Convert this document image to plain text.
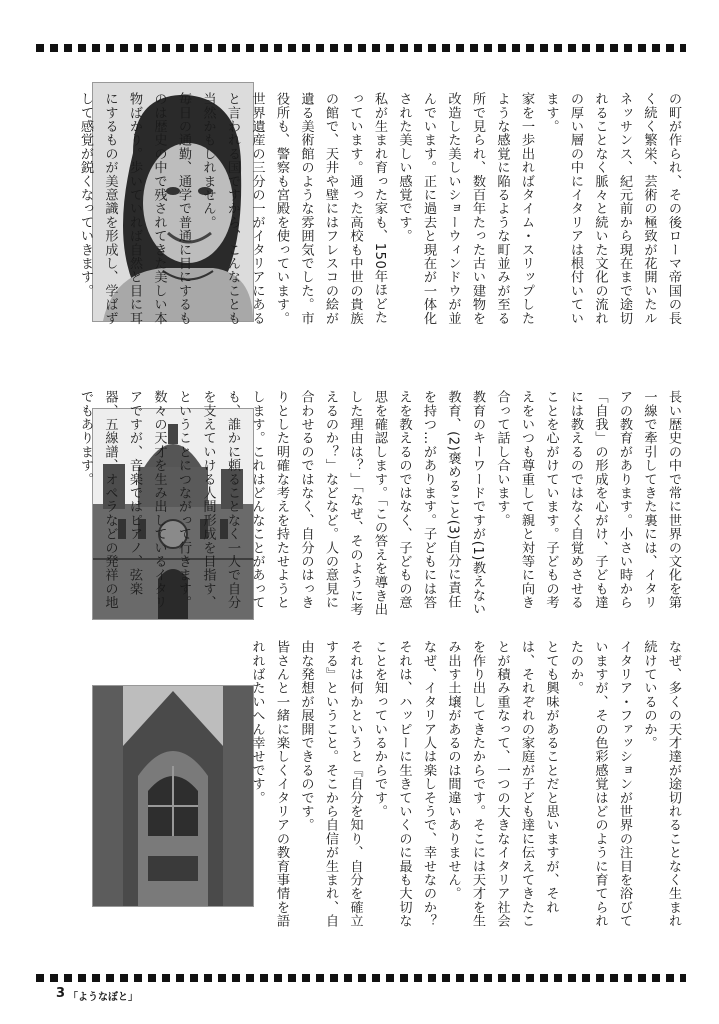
の町が作られ、その後ローマ帝国の長く続く繁栄、芸術の極致が花開いたルネッサンス、紀元前から現在まで途切れることなく脈々と続いた文化の流れの厚い層の中にイタリアは根付いています。

家を一歩出ればタイム・スリップしたような感覚に陥るような町並みが至る所で見られ、数百年たった古い建物を改造した美しいショーウィンドウが並んでいます。正に過去と現在が一体化された美しい感覚です。

私が生まれ育った家も、150年ほどたっています。通った高校も中世の貴族の館で、天井や壁にはフレスコの絵が遺る美術館のような雰囲気でした。市役所も、警察も宮殿を使っています。世界遺産の三分の一がイタリアにあると言われる国ですから、こんなことも当然かもしれません。

毎日の通勤、通学で普通に目にするものは歴史の中で残されてきた美しい本物ばかり。歩いていれば自然と目に耳にするものが美意識を形成し、学ばずして感覚が鋭くなっていきます。

長い歴史の中で常に世界の文化を第一線で牽引してきた裏には、イタリアの教育があります。小さい時から「自我」の形成を心がけ、子ども達には教えるのではなく自覚めさせることを心がけています。子どもの考えをいつも尊重して親と対等に向き合って話し合います。

教育のキーワードですが(1)教えない教育、(2)褒めること(3)自分に責任を持つ…があります。子どもには答えを教えるのではなく、子どもの意思を確認します。「この答えを導き出した理由は？」「なぜ、そのように考えるのか？」などなど。人の意見に合わせるのではなく、自分のはっきりとした明確な考えを持たせようとします。これはどんなことがあっても、誰かに頼ることなく一人で自分を支えていける人間形成を目指す、ということにつながって行きます。

数々の天才を生み出しているイタリアですが、音楽ではピアノ、弦楽器、五線譜、オペラなどの発祥の地でもあります。

なぜ、多くの天才達が途切れることなく生まれ続けているのか。

イタリア・ファッションが世界の注目を浴びていますが、その色彩感覚はどのように育てられたのか。

とても興味があることだと思いますが、それは、それぞれの家庭が子ども達に伝えてきたことが積み重なって、一つの大きなイタリア社会を作り出してきたからです。そこには天才を生み出す土壌があるのは間違いありません。

なぜ、イタリア人は楽しそうで、幸せなのか？それは、ハッピーに生きていくのに最も大切なことを知っているからです。

それは何かというと『自分を知り、自分を確立する』ということ。そこから自信が生まれ、自由な発想が展開できるのです。

皆さんと一緒に楽しくイタリアの教育事情を語れればたいへん幸せです。

3 「ようなぼと」
